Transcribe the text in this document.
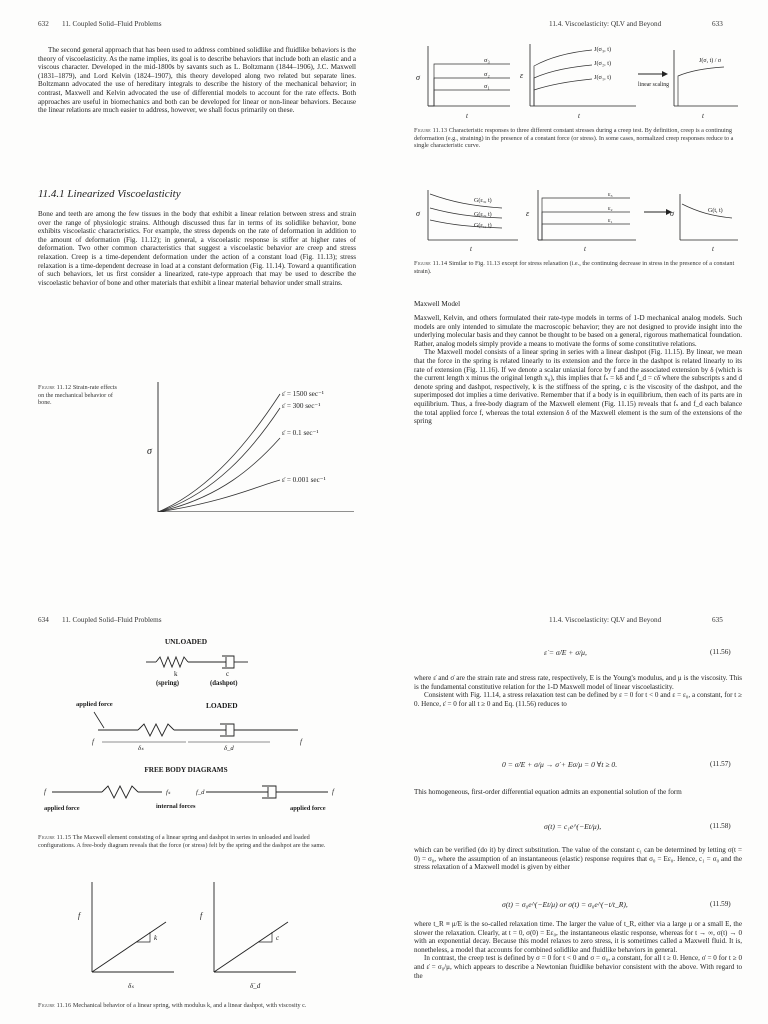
632 11. Coupled Solid–Fluid Problems

The second general approach that has been used to address combined solidlike and fluidlike behaviors is the theory of viscoelasticity. As the name implies, its goal is to describe behaviors that include both an elastic and a viscous character. Developed in the mid-1800s by savants such as L. Boltzmann (1844–1906), J.C. Maxwell (1831–1879), and Lord Kelvin (1824–1907), this theory developed along two related but separate lines. Boltzmann advocated the use of hereditary integrals to describe the history of the mechanical behavior; in contrast, Maxwell and Kelvin advocated the use of differential models to account for the rate effects. Both approaches are useful in biomechanics and both can be developed for linear or non-linear behaviors. Because the linear relations are much easier to address, however, we shall focus primarily on these.

11.4.1 Linearized Viscoelasticity

Bone and teeth are among the few tissues in the body that exhibit a linear relation between stress and strain over the range of physiologic strains. Although discussed thus far in terms of its solidlike behavior, bone exhibits viscoelastic characteristics. For example, the stress depends on the rate of deformation in addition to the amount of deformation (Fig. 11.12); in general, a viscoelastic response is stiffer at higher rates of deformation. Two other common characteristics that suggest a viscoelastic behavior are creep and stress relaxation. Creep is a time-dependent deformation under the action of a constant load (Fig. 11.13); stress relaxation is a time-dependent decrease in load at a constant deformation (Fig. 11.14). Toward a quantification of such behaviors, let us first consider a linearized, rate-type approach that may be used to describe the viscoelastic behavior of bone and other materials that exhibit a linear material behavior under small strains.

Figure 11.12 Strain-rate effects on the mechanical behavior of bone.
σ
ε̇ = 1500 sec⁻¹
ε̇ = 300 sec⁻¹
ε̇ = 0.1 sec⁻¹
ε̇ = 0.001 sec⁻¹
11.4. Viscoelasticity: QLV and Beyond	633
σ
σ₃
σ₂
σ₁
t
ε
J(σ₃, t)
J(σ₂, t)
J(σ₁, t)
t
linear scaling
J(σ, t) / σ
t
Figure 11.13 Characteristic responses to three different constant stresses during a creep test. By definition, creep is a continuing deformation (e.g., straining) in the presence of a constant force (or stress). In some cases, normalized creep responses reduce to a single characteristic curve.
σ
G(ε₃, t)
G(ε₂, t)
G(ε₁, t)
t
ε
ε₃
ε₂
ε₁
t
σ	G(t, t)
t
Figure 11.14 Similar to Fig. 11.13 except for stress relaxation (i.e., the continuing decrease in stress in the presence of a constant strain).
Maxwell Model

Maxwell, Kelvin, and others formulated their rate-type models in terms of 1-D mechanical analog models. Such models are only intended to simulate the macroscopic behavior; they are not designed to provide insight into the underlying molecular basis and they cannot be thought to be based on a general, rigorous mathematical foundation. Rather, analog models simply provide a means to motivate the forms of some constitutive relations.

The Maxwell model consists of a linear spring in series with a linear dashpot (Fig. 11.15). By linear, we mean that the force in the spring is related linearly to its extension and the force in the dashpot is related linearly to its rate of extension (Fig. 11.16). If we denote a scalar uniaxial force by f and the associated extension by δ (which is the current length x minus the original length x₀), this implies that fₛ = kδ and f_d = cδ̇ where the subscripts s and d denote spring and dashpot, respectively, k is the stiffness of the spring, c is the viscosity of the dashpot, and the superimposed dot implies a time derivative. Remember that if a body is in equilibrium, then each of its parts are in equilibrium. Thus, a free-body diagram of the Maxwell element (Fig. 11.15) reveals that fₛ and f_d each balance the total applied force f, whereas the total extension δ of the Maxwell element is the sum of the extensions of the spring

634 11. Coupled Solid–Fluid Problems
UNLOADED
k	c
(spring)	(dashpot)
applied force	LOADED
f	f
δₛ	δ_d
FREE BODY DIAGRAMS
f	fₛ	f_d	f
applied force	internal forces	applied force
Figure 11.15 The Maxwell element consisting of a linear spring and dashpot in series in unloaded and loaded configurations. A free-body diagram reveals that the force (or stress) felt by the spring and the dashpot are the same.
k
f
δₛ
c
f
δ̇_d
Figure 11.16 Mechanical behavior of a linear spring, with modulus k, and a linear dashpot, with viscosity c.
11.4. Viscoelasticity: QLV and Beyond	635
ε̇ = σ̇/E + σ/μ,	(11.56)

where ε̇ and σ̇ are the strain rate and stress rate, respectively, E is the Young's modulus, and μ is the viscosity. This is the fundamental constitutive relation for the 1-D Maxwell model of linear viscoelasticity.

Consistent with Fig. 11.14, a stress relaxation test can be defined by ε = 0 for t < 0 and ε = ε₀, a constant, for t ≥ 0. Hence, ε̇ = 0 for all t ≥ 0 and Eq. (11.56) reduces to

0 = σ̇/E + σ/μ → σ̇ + Eσ/μ = 0 ∀t ≥ 0.	(11.57)

This homogeneous, first-order differential equation admits an exponential solution of the form

σ(t) = c₁e^(−Et/μ),	(11.58)

which can be verified (do it) by direct substitution. The value of the constant c₁ can be determined by letting σ(t = 0) = σ₀, where the assumption of an instantaneous (elastic) response requires that σ₀ = Eε₀. Hence, c₁ = σ₀ and the stress relaxation of a Maxwell model is given by either

σ(t) = σ₀e^(−Et/μ) or σ(t) = σ₀e^(−t/t_R),	(11.59)

where t_R ≡ μ/E is the so-called relaxation time. The larger the value of t_R, either via a large μ or a small E, the slower the relaxation. Clearly, at t = 0, σ(0) = Eε₀, the instantaneous elastic response, whereas for t → ∞, σ(t) → 0 with an exponential decay. Because this model relaxes to zero stress, it is sometimes called a Maxwell fluid. It is, nonetheless, a model that accounts for combined solidlike and fluidlike behaviors in general.

In contrast, the creep test is defined by σ = 0 for t < 0 and σ = σ₀, a constant, for all t ≥ 0. Hence, σ̇ = 0 for t ≥ 0 and ε̇ = σ₀/μ, which appears to describe a Newtonian fluidlike behavior consistent with the above. With regard to the
